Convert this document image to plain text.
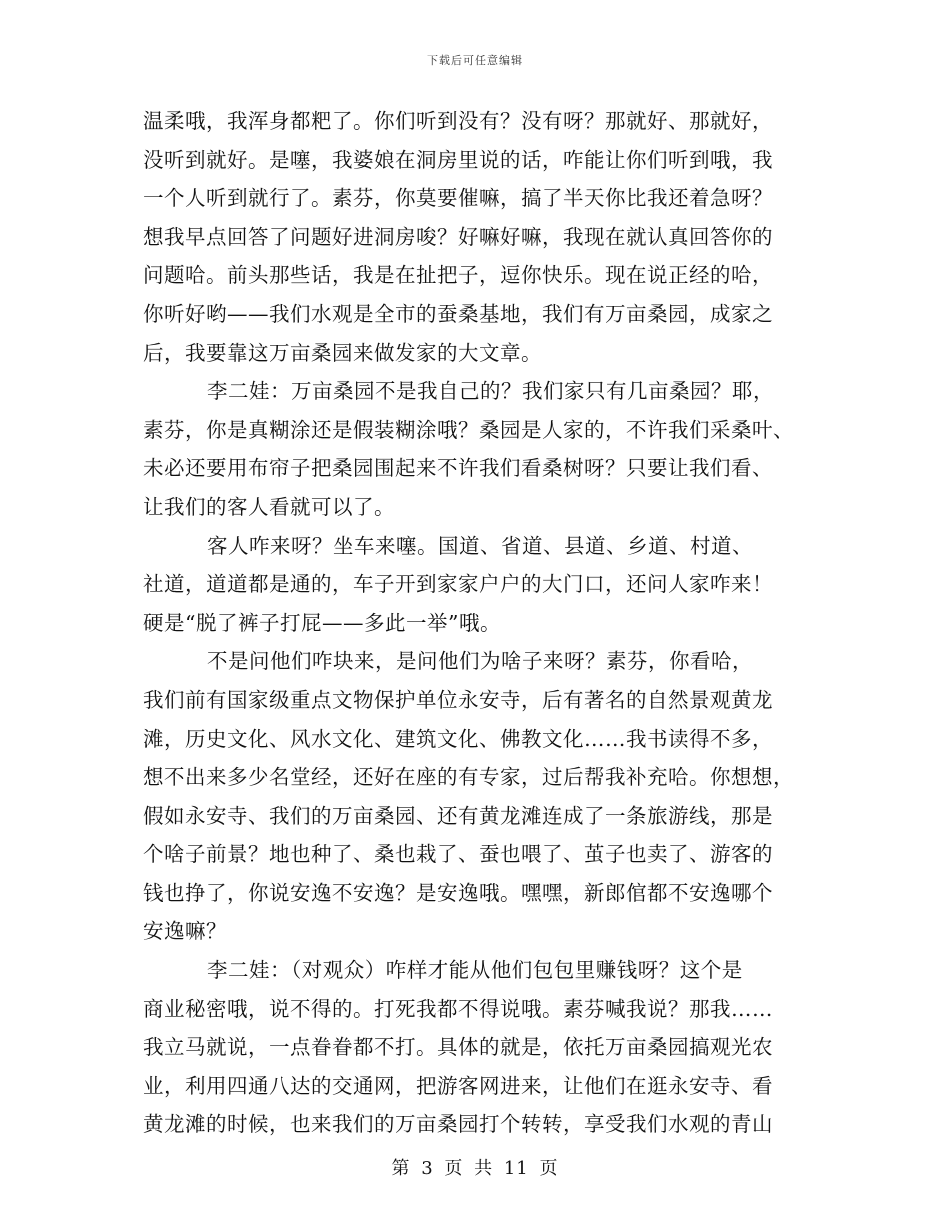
下载后可任意编辑
温柔哦，我浑身都粑了。你们听到没有？没有呀？那就好、那就好，
没听到就好。是噻，我婆娘在洞房里说的话，咋能让你们听到哦，我
一个人听到就行了。素芬，你莫要催嘛，搞了半天你比我还着急呀？
想我早点回答了问题好进洞房唆？好嘛好嘛，我现在就认真回答你的
问题哈。前头那些话，我是在扯把子，逗你快乐。现在说正经的哈，
你听好哟——我们水观是全市的蚕桑基地，我们有万亩桑园，成家之
后，我要靠这万亩桑园来做发家的大文章。
李二娃：万亩桑园不是我自己的？我们家只有几亩桑园？耶，
素芬，你是真糊涂还是假装糊涂哦？桑园是人家的，不许我们采桑叶、
未必还要用布帘子把桑园围起来不许我们看桑树呀？只要让我们看、
让我们的客人看就可以了。
客人咋来呀？坐车来噻。国道、省道、县道、乡道、村道、
社道，道道都是通的，车子开到家家户户的大门口，还问人家咋来！
硬是“脱了裤子打屁——多此一举”哦。
不是问他们咋块来，是问他们为啥子来呀？素芬，你看哈，
我们前有国家级重点文物保护单位永安寺，后有著名的自然景观黄龙
滩，历史文化、风水文化、建筑文化、佛教文化……我书读得不多，
想不出来多少名堂经，还好在座的有专家，过后帮我补充哈。你想想，
假如永安寺、我们的万亩桑园、还有黄龙滩连成了一条旅游线，那是
个啥子前景？地也种了、桑也栽了、蚕也喂了、茧子也卖了、游客的
钱也挣了，你说安逸不安逸？是安逸哦。嘿嘿，新郎倌都不安逸哪个
安逸嘛？
李二娃：（对观众）咋样才能从他们包包里赚钱呀？这个是
商业秘密哦，说不得的。打死我都不得说哦。素芬喊我说？那我……
我立马就说，一点眷眷都不打。具体的就是，依托万亩桑园搞观光农
业，利用四通八达的交通网，把游客网进来，让他们在逛永安寺、看
黄龙滩的时候，也来我们的万亩桑园打个转转，享受我们水观的青山
第 3 页 共 11 页
